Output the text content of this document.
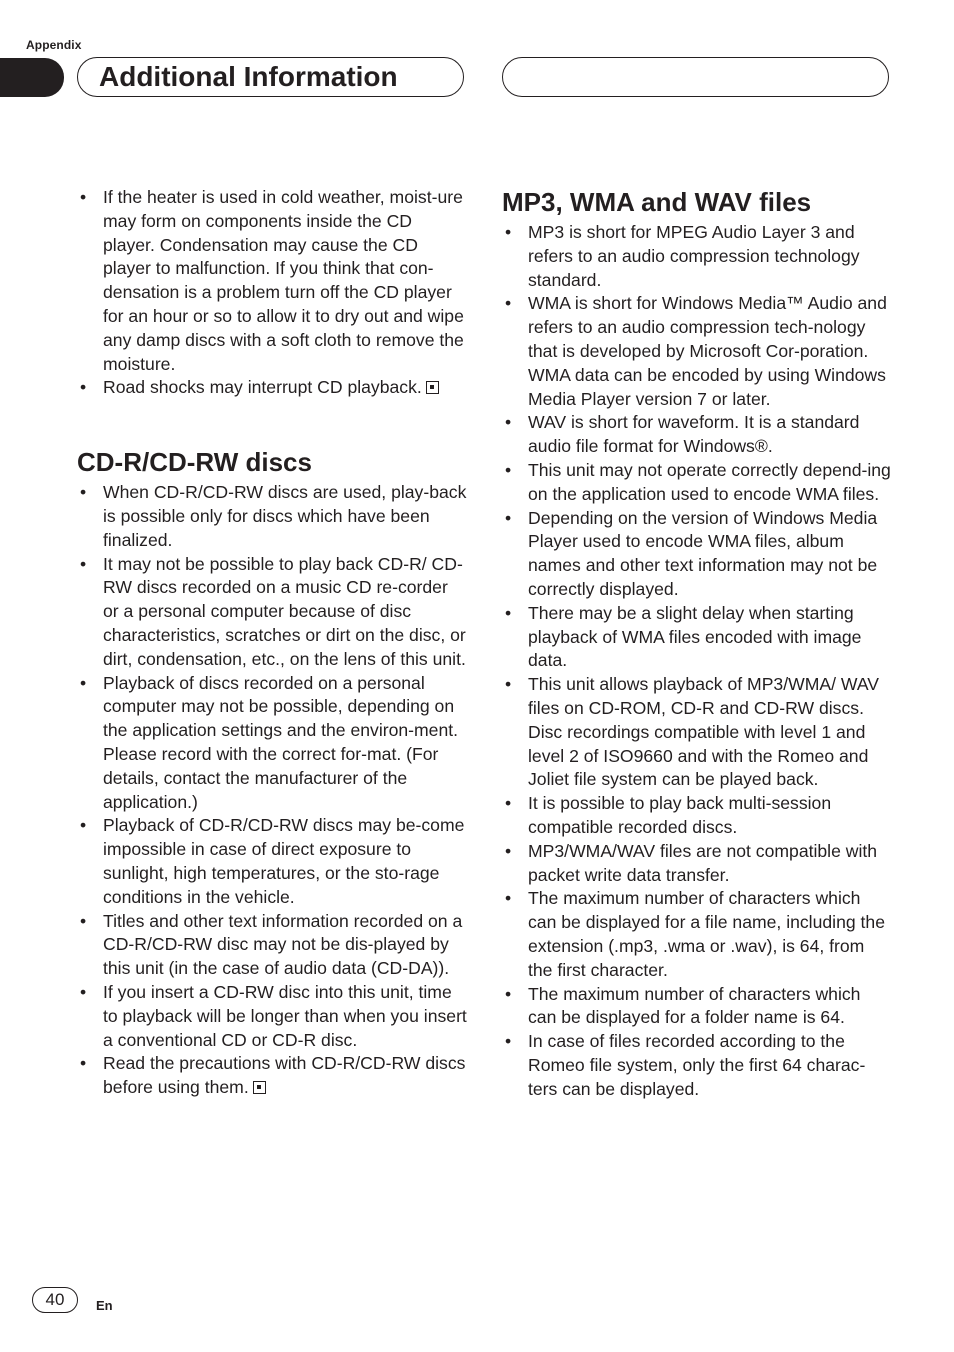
Appendix
Additional Information
• If the heater is used in cold weather, moist-ure may form on components inside the CD player. Condensation may cause the CD player to malfunction. If you think that con-densation is a problem turn off the CD player for an hour or so to allow it to dry out and wipe any damp discs with a soft cloth to remove the moisture.
• Road shocks may interrupt CD playback.
CD-R/CD-RW discs
• When CD-R/CD-RW discs are used, play-back is possible only for discs which have been finalized.
• It may not be possible to play back CD-R/ CD-RW discs recorded on a music CD re-corder or a personal computer because of disc characteristics, scratches or dirt on the disc, or dirt, condensation, etc., on the lens of this unit.
• Playback of discs recorded on a personal computer may not be possible, depending on the application settings and the environ-ment. Please record with the correct for-mat. (For details, contact the manufacturer of the application.)
• Playback of CD-R/CD-RW discs may be-come impossible in case of direct exposure to sunlight, high temperatures, or the sto-rage conditions in the vehicle.
• Titles and other text information recorded on a CD-R/CD-RW disc may not be dis-played by this unit (in the case of audio data (CD-DA)).
• If you insert a CD-RW disc into this unit, time to playback will be longer than when you insert a conventional CD or CD-R disc.
• Read the precautions with CD-R/CD-RW discs before using them.
MP3, WMA and WAV files
• MP3 is short for MPEG Audio Layer 3 and refers to an audio compression technology standard.
• WMA is short for Windows Media™ Audio and refers to an audio compression tech-nology that is developed by Microsoft Cor-poration. WMA data can be encoded by using Windows Media Player version 7 or later.
• WAV is short for waveform. It is a standard audio file format for Windows®.
• This unit may not operate correctly depend-ing on the application used to encode WMA files.
• Depending on the version of Windows Media Player used to encode WMA files, album names and other text information may not be correctly displayed.
• There may be a slight delay when starting playback of WMA files encoded with image data.
• This unit allows playback of MP3/WMA/ WAV files on CD-ROM, CD-R and CD-RW discs. Disc recordings compatible with level 1 and level 2 of ISO9660 and with the Romeo and Joliet file system can be played back.
• It is possible to play back multi-session compatible recorded discs.
• MP3/WMA/WAV files are not compatible with packet write data transfer.
• The maximum number of characters which can be displayed for a file name, including the extension (.mp3, .wma or .wav), is 64, from the first character.
• The maximum number of characters which can be displayed for a folder name is 64.
• In case of files recorded according to the Romeo file system, only the first 64 charac-ters can be displayed.
40	En
